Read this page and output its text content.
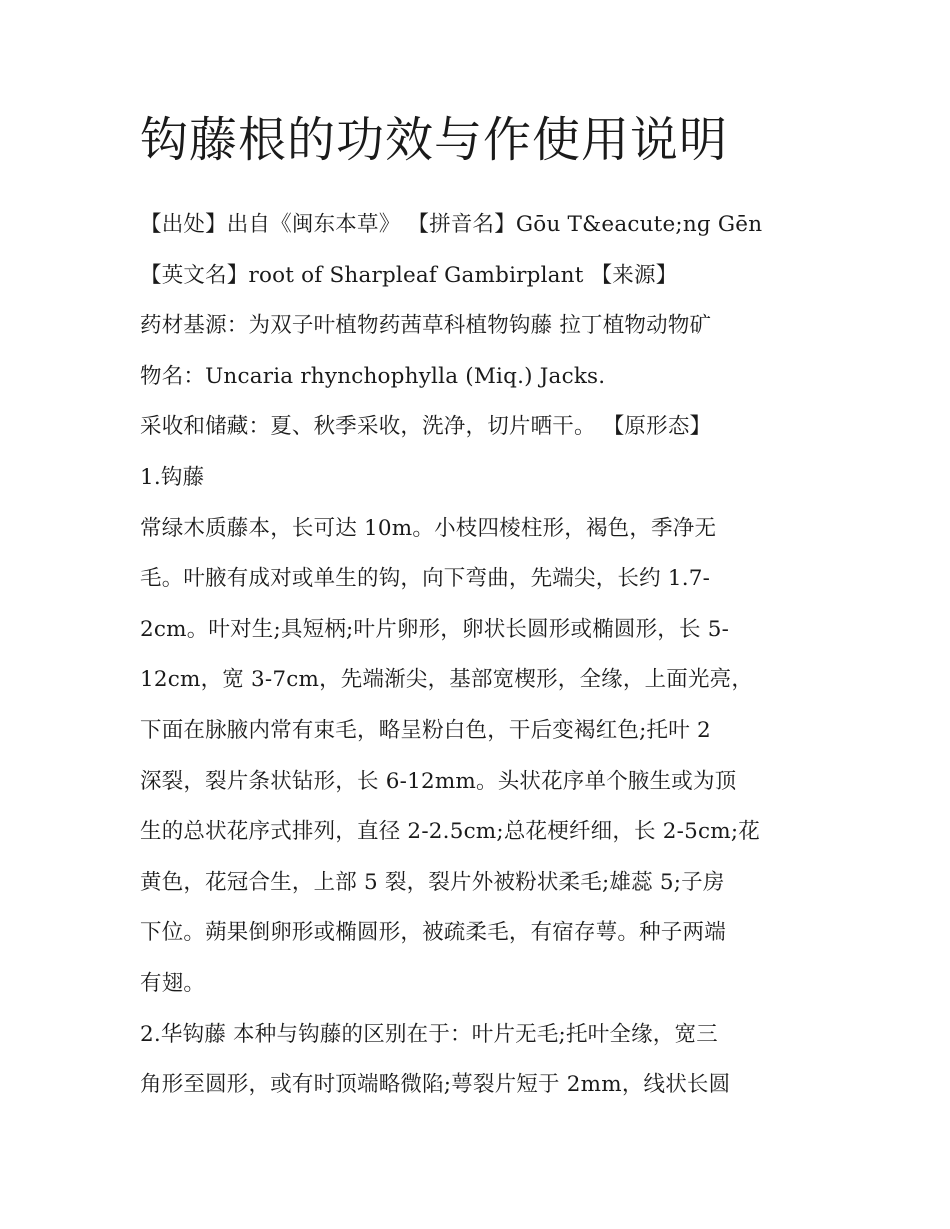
钩藤根的功效与作使用说明
【出处】出自《闽东本草》 【拼音名】Gōu T&eacute;nɡ Gēn
【英文名】root of Sharpleaf Gambirplant 【来源】
药材基源：为双子叶植物药茜草科植物钩藤 拉丁植物动物矿
物名：Uncaria rhynchophylla (Miq.) Jacks.
采收和储藏：夏、秋季采收，洗净，切片晒干。 【原形态】
1.钩藤
常绿木质藤本，长可达 10m。小枝四棱柱形，褐色，季净无
毛。叶腋有成对或单生的钩，向下弯曲，先端尖，长约 1.7-
2cm。叶对生;具短柄;叶片卵形，卵状长圆形或椭圆形，长 5-
12cm，宽 3-7cm，先端渐尖，基部宽楔形，全缘，上面光亮，
下面在脉腋内常有束毛，略呈粉白色，干后变褐红色;托叶 2
深裂，裂片条状钻形，长 6-12mm。头状花序单个腋生或为顶
生的总状花序式排列，直径 2-2.5cm;总花梗纤细，长 2-5cm;花
黄色，花冠合生，上部 5 裂，裂片外被粉状柔毛;雄蕊 5;子房
下位。蒴果倒卵形或椭圆形，被疏柔毛，有宿存萼。种子两端
有翅。
2.华钩藤 本种与钩藤的区别在于：叶片无毛;托叶全缘，宽三
角形至圆形，或有时顶端略微陷;萼裂片短于 2mm，线状长圆
